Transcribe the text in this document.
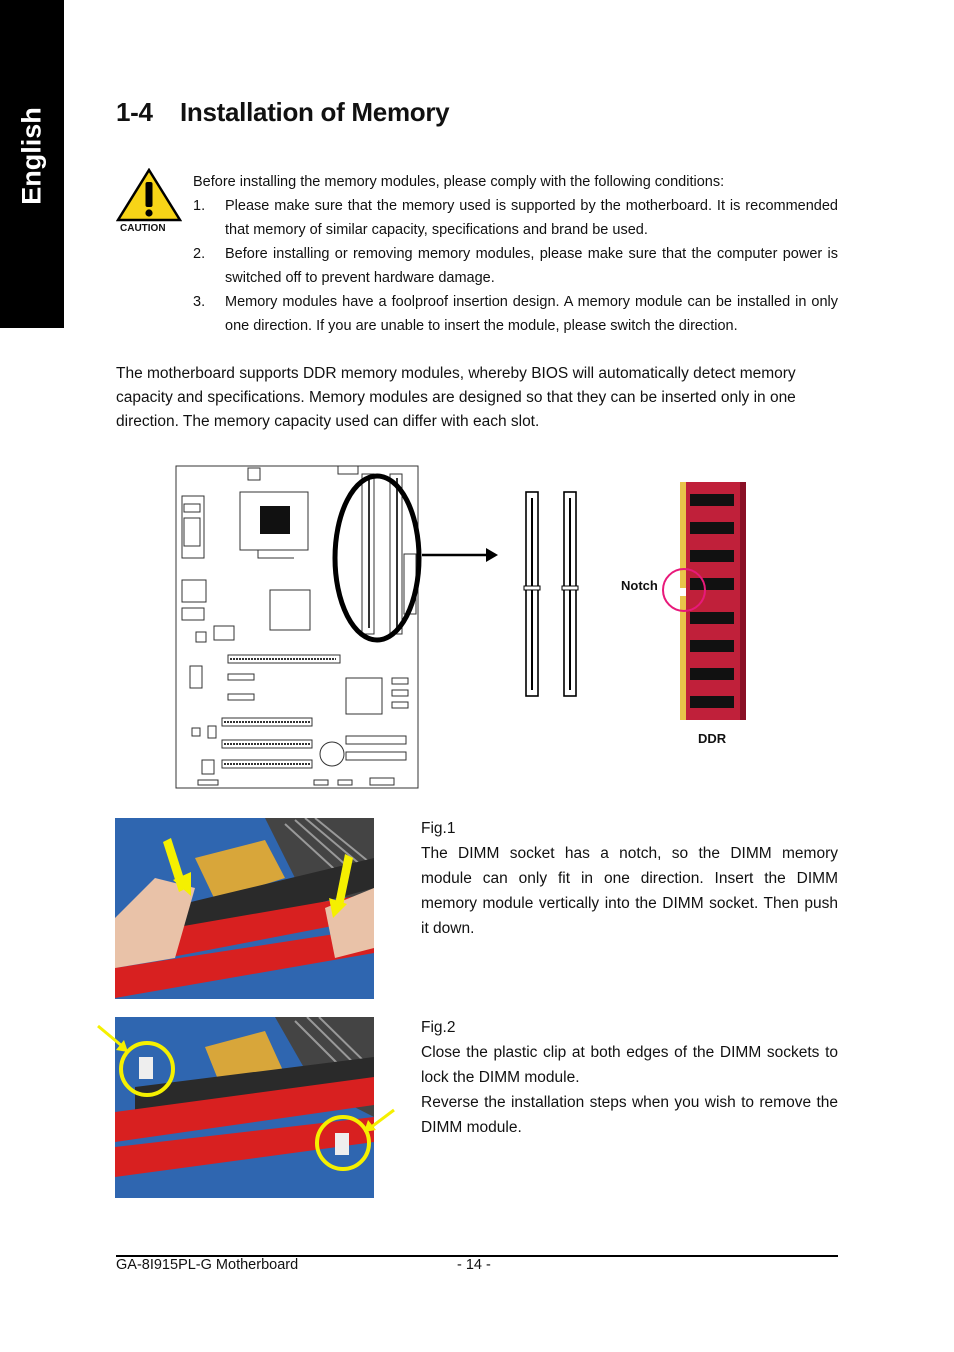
English	1-4 Installation of Memory
CAUTION
Before installing the memory modules, please comply with the following conditions:
1. Please make sure that the memory used is supported by the motherboard. It is recommended that memory of similar capacity, specifications and brand be used.
2. Before installing or removing memory modules, please make sure that the computer power is switched off to prevent hardware damage.
3. Memory modules have a foolproof insertion design. A memory module can be installed in only one direction. If you are unable to insert the module, please switch the direction.

The motherboard supports DDR memory modules, whereby BIOS will automatically detect memory capacity and specifications. Memory modules are designed so that they can be inserted only in one direction. The memory capacity used can differ with each slot.

Notch
DDR

Fig.1

The DIMM socket has a notch, so the DIMM memory module can only fit in one direction. Insert the DIMM memory module vertically into the DIMM socket. Then push it down.

Fig.2

Close the plastic clip at both edges of the DIMM sockets to lock the DIMM module.

Reverse the installation steps when you wish to remove the DIMM module.

GA-8I915PL-G Motherboard	- 14 -
